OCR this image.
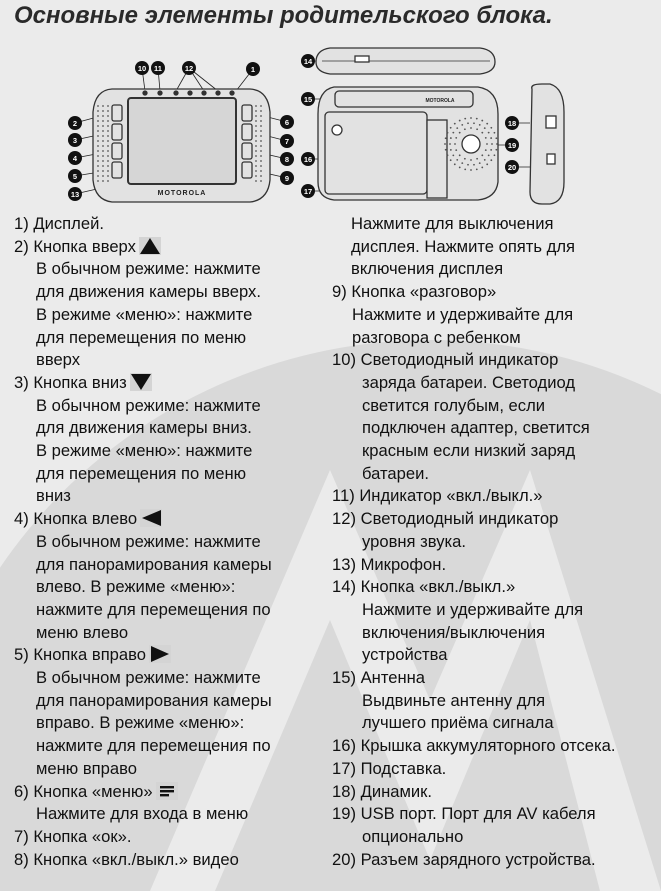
Основные элементы родительского блока.
10 11	12	1
2
3
4
5
13
6
7
8
9
14
15
16
17
18
19
20
MOTOROLA
MOTOROLA
1) Дисплей.
2) Кнопка вверх
В обычном режиме: нажмите
для движения камеры вверх.
В режиме «меню»: нажмите
для перемещения по меню
вверх
3) Кнопка вниз
В обычном режиме: нажмите
для движения камеры вниз.
В режиме «меню»: нажмите
для перемещения по меню
вниз
4) Кнопка влево
В обычном режиме: нажмите
для панорамирования камеры
влево. В режиме «меню»:
нажмите для перемещения по
меню влево
5) Кнопка вправо
В обычном режиме: нажмите
для панорамирования камеры
вправо. В режиме «меню»:
нажмите для перемещения по
меню вправо
6) Кнопка «меню»
Нажмите для входа в меню
7) Кнопка «ок».
8) Кнопка «вкл./выкл.» видео
Нажмите для выключения
дисплея. Нажмите опять для
включения дисплея
9) Кнопка «разговор»
Нажмите и удерживайте для
разговора с ребенком
10) Светодиодный индикатор
заряда батареи. Светодиод
светится голубым, если
подключен адаптер, светится
красным если низкий заряд
батареи.
11) Индикатор «вкл./выкл.»
12) Светодиодный индикатор
уровня звука.
13) Микрофон.
14) Кнопка «вкл./выкл.»
Нажмите и удерживайте для
включения/выключения
устройства
15) Антенна
Выдвиньте антенну для
лучшего приёма сигнала
16) Крышка аккумуляторного отсека.
17) Подставка.
18) Динамик.
19) USB порт. Порт для AV кабеля
опционально
20) Разъем зарядного устройства.
